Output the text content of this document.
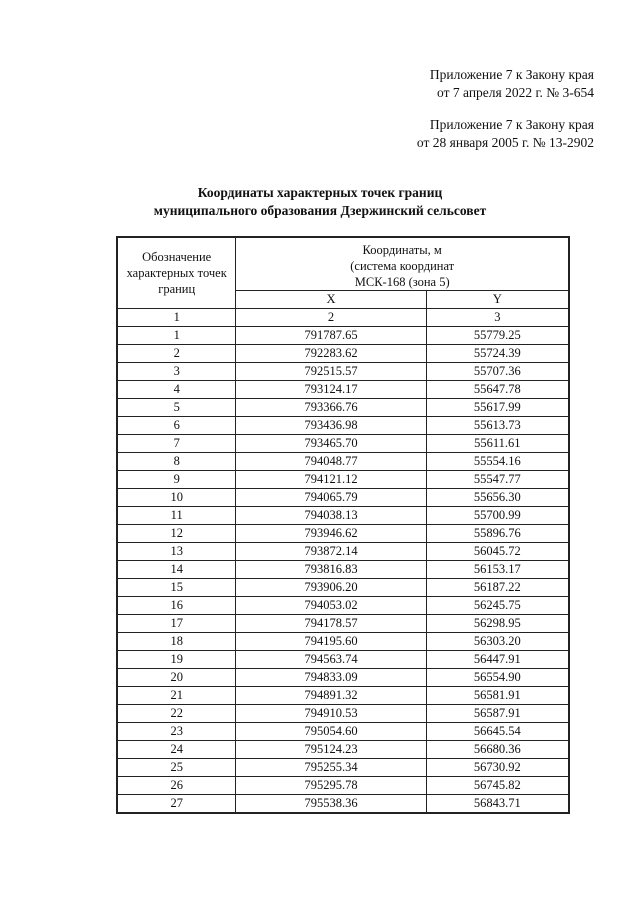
Приложение 7 к Закону края
от 7 апреля 2022 г. № 3-654
Приложение 7 к Закону края
от 28 января 2005 г. № 13-2902
Координаты характерных точек границ
муниципального образования Дзержинский сельсовет
Обозначение характерных точек границ	Координаты, м
(система координат
МСК-168 (зона 5)	

	X	Y
1	2	3
1	791787.65	55779.25
2	792283.62	55724.39
3	792515.57	55707.36
4	793124.17	55647.78
5	793366.76	55617.99
6	793436.98	55613.73
7	793465.70	55611.61
8	794048.77	55554.16
9	794121.12	55547.77
10	794065.79	55656.30
11	794038.13	55700.99
12	793946.62	55896.76
13	793872.14	56045.72
14	793816.83	56153.17
15	793906.20	56187.22
16	794053.02	56245.75
17	794178.57	56298.95
18	794195.60	56303.20
19	794563.74	56447.91
20	794833.09	56554.90
21	794891.32	56581.91
22	794910.53	56587.91
23	795054.60	56645.54
24	795124.23	56680.36
25	795255.34	56730.92
26	795295.78	56745.82
27	795538.36	56843.71
